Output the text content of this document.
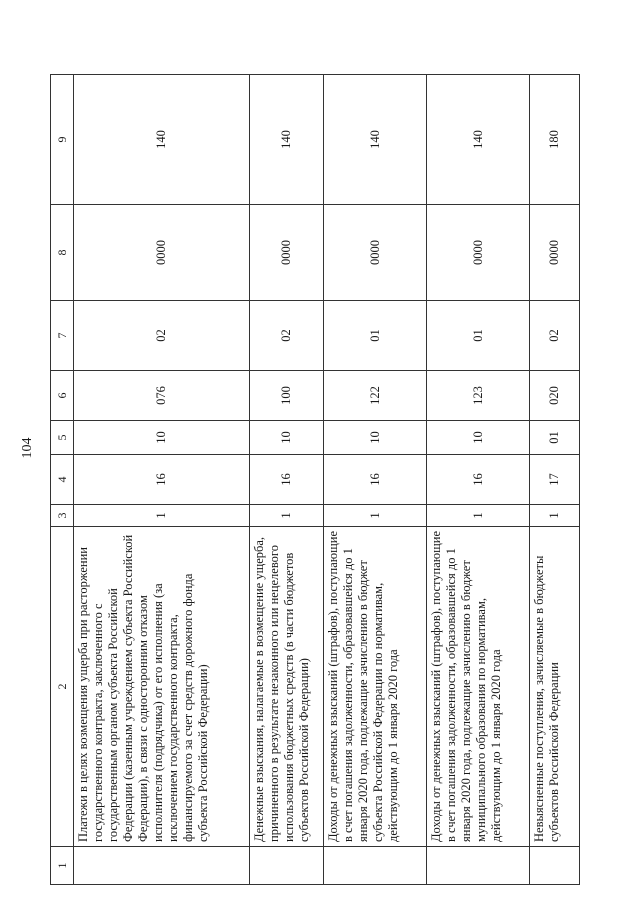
104
1	2	3	4	5	6	7	8	9
	Платежи в целях возмещения ущерба при расторжении государственного контракта, заключенного с государственным органом субъекта Российской Федерации (казенным учреждением субъекта Российской Федерации), в связи с односторонним отказом исполнителя (подрядчика) от его исполнения (за исключением государственного контракта, финансируемого за счет средств дорожного фонда субъекта Российской Федерации)	1	16	10	076	02	0000	140
	Денежные взыскания, налагаемые в возмещение ущерба, причиненного в результате незаконного или нецелевого использования бюджетных средств (в части бюджетов субъектов Российской Федерации)	1	16	10	100	02	0000	140
	Доходы от денежных взысканий (штрафов), поступающие в счет погашения задолженности, образовавшейся до 1 января 2020 года, подлежащие зачислению в бюджет субъекта Российской Федерации по нормативам, действующим до 1 января 2020 года	1	16	10	122	01	0000	140
	Доходы от денежных взысканий (штрафов), поступающие в счет погашения задолженности, образовавшейся до 1 января 2020 года, подлежащие зачислению в бюджет муниципального образования по нормативам, действующим до 1 января 2020 года	1	16	10	123	01	0000	140
	Невыясненные поступления, зачисляемые в бюджеты субъектов Российской Федерации	1	17	01	020	02	0000	180
